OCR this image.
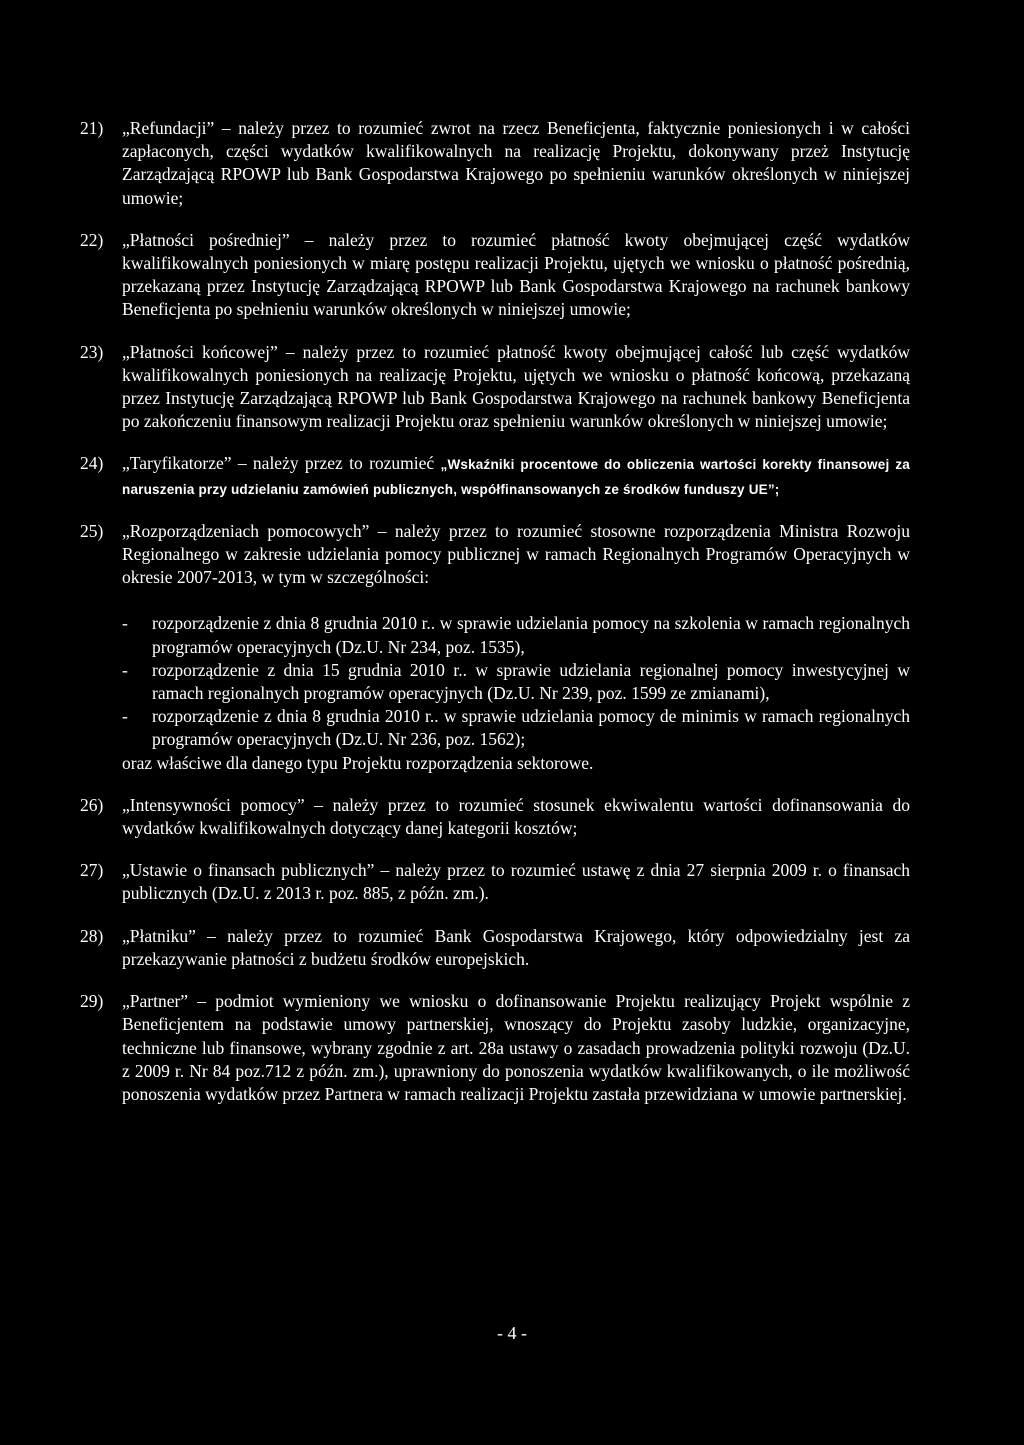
21)	„Refundacji” – należy przez to rozumieć zwrot na rzecz Beneficjenta, faktycznie poniesionych i w całości zapłaconych, części wydatków kwalifikowalnych na realizację Projektu, dokonywany przeż Instytucję Zarządzającą RPOWP lub Bank Gospodarstwa Krajowego po spełnieniu warunków określonych w niniejszej umowie;
22)	„Płatności pośredniej” – należy przez to rozumieć płatność kwoty obejmującej część wydatków kwalifikowalnych poniesionych w miarę postępu realizacji Projektu, ujętych we wniosku o płatność pośrednią, przekazaną przez Instytucję Zarządzającą RPOWP lub Bank Gospodarstwa Krajowego na rachunek bankowy Beneficjenta po spełnieniu warunków określonych w niniejszej umowie;
23)	„Płatności końcowej” – należy przez to rozumieć płatność kwoty obejmującej całość lub część wydatków kwalifikowalnych poniesionych na realizację Projektu, ujętych we wniosku o płatność końcową, przekazaną przez Instytucję Zarządzającą RPOWP lub Bank Gospodarstwa Krajowego na rachunek bankowy Beneficjenta po zakończeniu finansowym realizacji Projektu oraz spełnieniu warunków określonych w niniejszej umowie;
24)	„Taryfikatorze” – należy przez to rozumieć „Wskaźniki procentowe do obliczenia wartości korekty finansowej za naruszenia przy udzielaniu zamówień publicznych, współfinansowanych ze środków funduszy UE”;
25)	„Rozporządzeniach pomocowych” – należy przez to rozumieć stosowne rozporządzenia Ministra Rozwoju Regionalnego w zakresie udzielania pomocy publicznej w ramach Regionalnych Programów Operacyjnych w okresie 2007-2013, w tym w szczególności:
-	rozporządzenie z dnia 8 grudnia 2010 r.. w sprawie udzielania pomocy na szkolenia w ramach regionalnych programów operacyjnych (Dz.U. Nr 234, poz. 1535),
-	rozporządzenie z dnia 15 grudnia 2010 r.. w sprawie udzielania regionalnej pomocy inwestycyjnej w ramach regionalnych programów operacyjnych (Dz.U. Nr 239, poz. 1599 ze zmianami),
-	rozporządzenie z dnia 8 grudnia 2010 r.. w sprawie udzielania pomocy de minimis w ramach regionalnych programów operacyjnych (Dz.U. Nr 236, poz. 1562);
oraz właściwe dla danego typu Projektu rozporządzenia sektorowe.
26)	„Intensywności pomocy” – należy przez to rozumieć stosunek ekwiwalentu wartości dofinansowania do wydatków kwalifikowalnych dotyczący danej kategorii kosztów;
27)	„Ustawie o finansach publicznych” – należy przez to rozumieć ustawę z dnia 27 sierpnia 2009 r. o finansach publicznych (Dz.U. z 2013 r. poz. 885, z późn. zm.).
28)	„Płatniku” – należy przez to rozumieć Bank Gospodarstwa Krajowego, który odpowiedzialny jest za przekazywanie płatności z budżetu środków europejskich.
29)	„Partner” – podmiot wymieniony we wniosku o dofinansowanie Projektu realizujący Projekt wspólnie z Beneficjentem na podstawie umowy partnerskiej, wnoszący do Projektu zasoby ludzkie, organizacyjne, techniczne lub finansowe, wybrany zgodnie z art. 28a ustawy o zasadach prowadzenia polityki rozwoju (Dz.U. z 2009 r. Nr 84 poz.712 z późn. zm.), uprawniony do ponoszenia wydatków kwalifikowanych, o ile możliwość ponoszenia wydatków przez Partnera w ramach realizacji Projektu zastała przewidziana w umowie partnerskiej.
- 4 -
